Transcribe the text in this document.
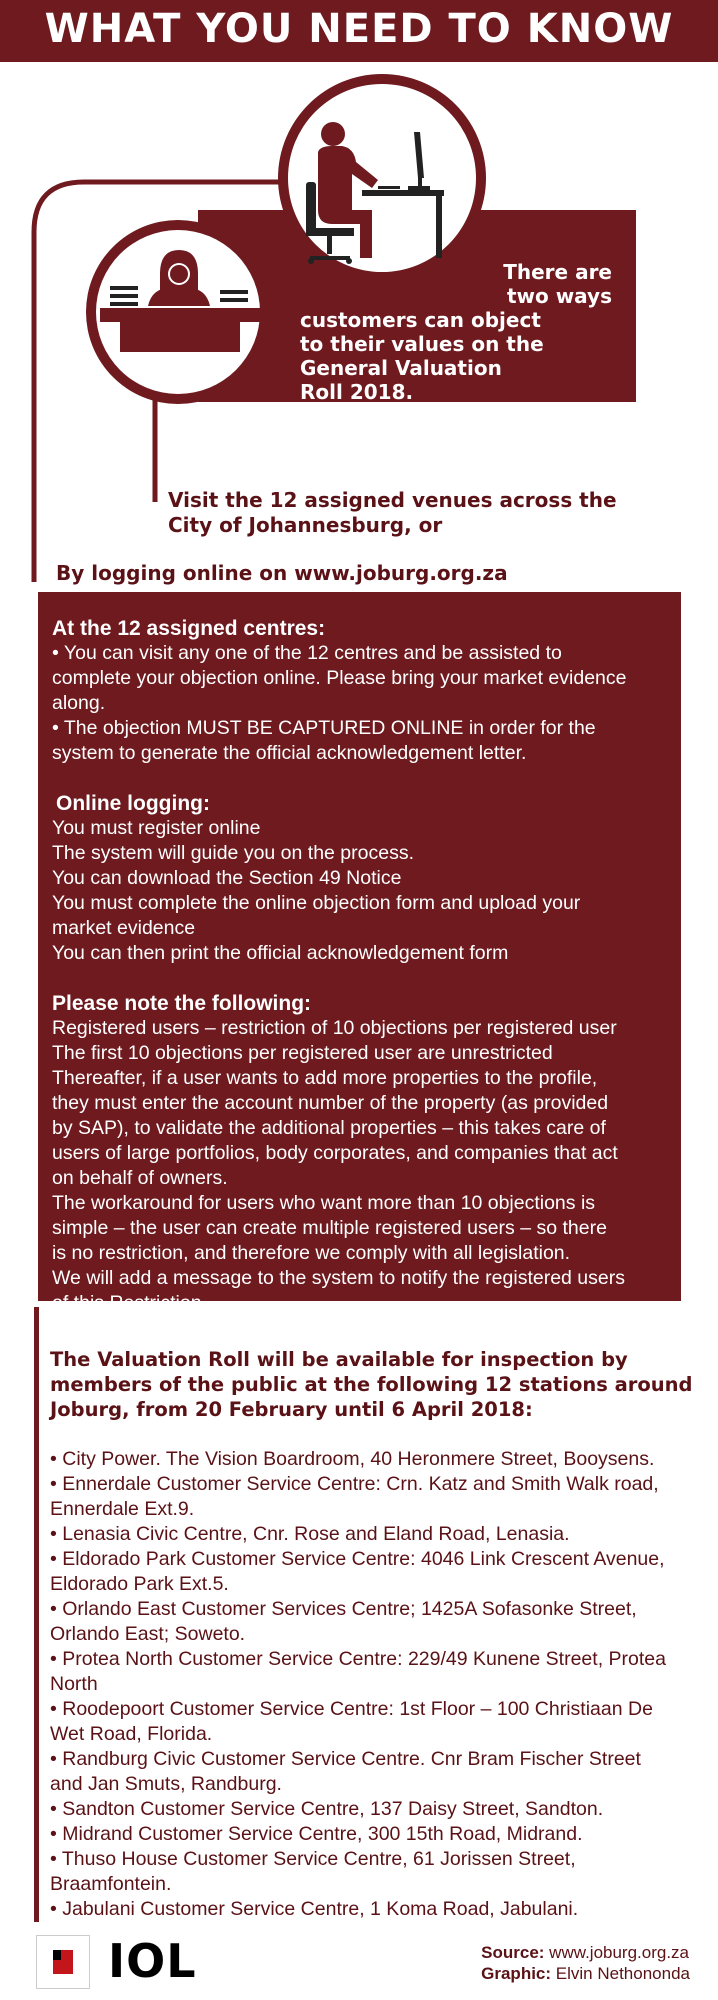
WHAT YOU NEED TO KNOW
There are
two ways
customers can object
to their values on the
General Valuation
Roll 2018.
Visit the 12 assigned venues across the
City of Johannesburg, or
By logging online on www.joburg.org.za
At the 12 assigned centres:

• You can visit any one of the 12 centres and be assisted to

complete your objection online. Please bring your market evidence

along.

• The objection MUST BE CAPTURED ONLINE in order for the

system to generate the official acknowledgement letter.

Online logging:

You must register online

The system will guide you on the process.

You can download the Section 49 Notice

You must complete the online objection form and upload your

market evidence

You can then print the official acknowledgement form

Please note the following:

Registered users – restriction of 10 objections per registered user

The first 10 objections per registered user are unrestricted

Thereafter, if a user wants to add more properties to the profile,

they must enter the account number of the property (as provided

by SAP), to validate the additional properties – this takes care of

users of large portfolios, body corporates, and companies that act

on behalf of owners.

The workaround for users who want more than 10 objections is

simple – the user can create multiple registered users – so there

is no restriction, and therefore we comply with all legislation.

We will add a message to the system to notify the registered users

of this Restriction.

The Valuation Roll will be available for inspection by
members of the public at the following 12 stations around
Joburg, from 20 February until 6 April 2018:

• City Power. The Vision Boardroom, 40 Heronmere Street, Booysens.

• Ennerdale Customer Service Centre: Crn. Katz and Smith Walk road,

Ennerdale Ext.9.

• Lenasia Civic Centre, Cnr. Rose and Eland Road, Lenasia.

• Eldorado Park Customer Service Centre: 4046 Link Crescent Avenue,

Eldorado Park Ext.5.

• Orlando East Customer Services Centre; 1425A Sofasonke Street,

Orlando East; Soweto.

• Protea North Customer Service Centre: 229/49 Kunene Street, Protea

North

• Roodepoort Customer Service Centre: 1st Floor – 100 Christiaan De

Wet Road, Florida.

• Randburg Civic Customer Service Centre. Cnr Bram Fischer Street

and Jan Smuts, Randburg.

• Sandton Customer Service Centre, 137 Daisy Street, Sandton.

• Midrand Customer Service Centre, 300 15th Road, Midrand.

• Thuso House Customer Service Centre, 61 Jorissen Street,

Braamfontein.

• Jabulani Customer Service Centre, 1 Koma Road, Jabulani.

IOL	Source: www.joburg.org.za
Graphic: Elvin Nethononda
